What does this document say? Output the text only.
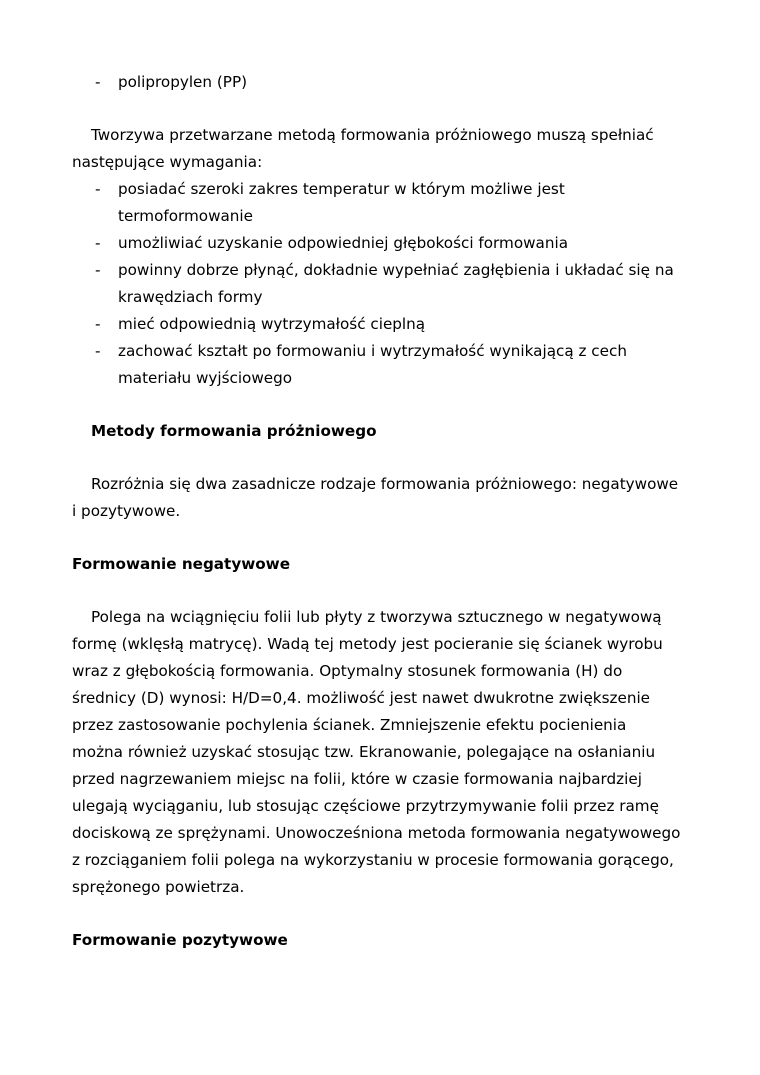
- polipropylen (PP)
Tworzywa przetwarzane metodą formowania próżniowego muszą spełniać
następujące wymagania:
- posiadać szeroki zakres temperatur w którym możliwe jest
termoformowanie
- umożliwiać uzyskanie odpowiedniej głębokości formowania
- powinny dobrze płynąć, dokładnie wypełniać zagłębienia i układać się na
krawędziach formy
- mieć odpowiednią wytrzymałość cieplną
- zachować kształt po formowaniu i wytrzymałość wynikającą z cech
materiału wyjściowego
Metody formowania próżniowego
Rozróżnia się dwa zasadnicze rodzaje formowania próżniowego: negatywowe
i pozytywowe.
Formowanie negatywowe
Polega na wciągnięciu folii lub płyty z tworzywa sztucznego w negatywową
formę (wklęsłą matrycę). Wadą tej metody jest pocieranie się ścianek wyrobu
wraz z głębokością formowania. Optymalny stosunek formowania (H) do
średnicy (D) wynosi: H/D=0,4. możliwość jest nawet dwukrotne zwiększenie
przez zastosowanie pochylenia ścianek. Zmniejszenie efektu pocienienia
można również uzyskać stosując tzw. Ekranowanie, polegające na osłanianiu
przed nagrzewaniem miejsc na folii, które w czasie formowania najbardziej
ulegają wyciąganiu, lub stosując częściowe przytrzymywanie folii przez ramę
dociskową ze sprężynami. Unowocześniona metoda formowania negatywowego
z rozciąganiem folii polega na wykorzystaniu w procesie formowania gorącego,
sprężonego powietrza.
Formowanie pozytywowe
